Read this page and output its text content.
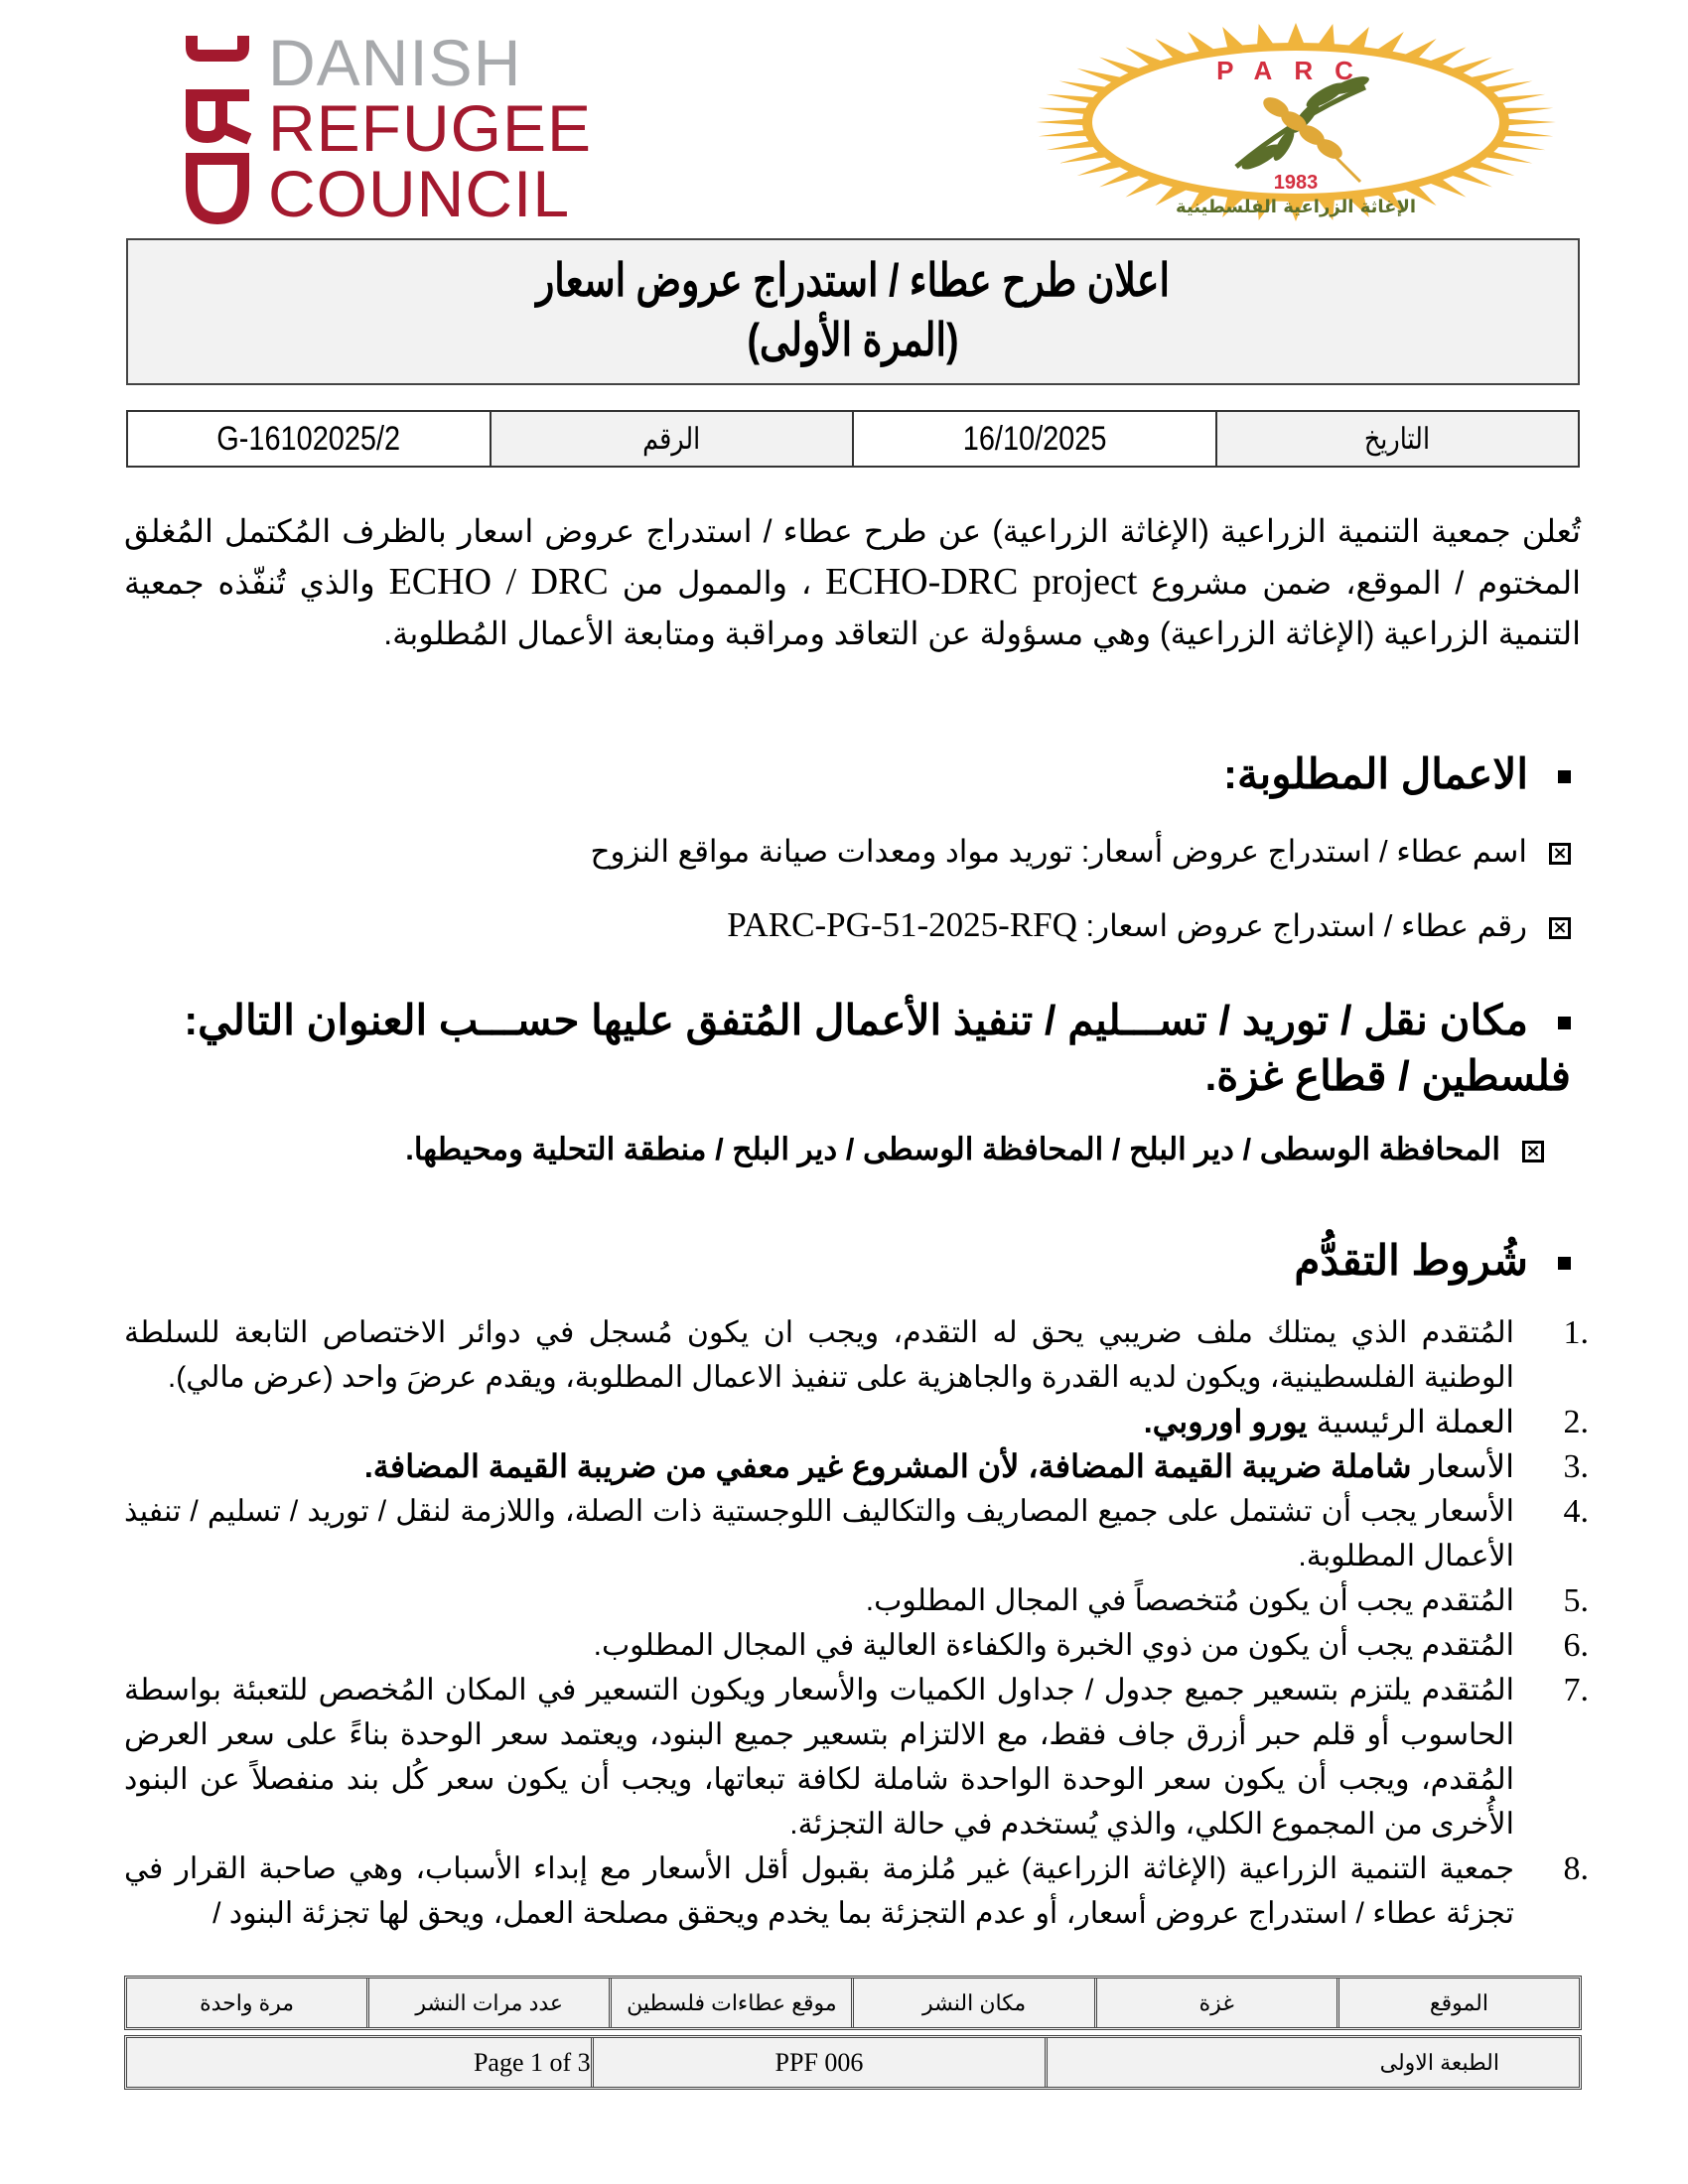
DANISH
REFUGEE
COUNCIL
PARC
1983
الإغاثة الزراعية الفلسطينية
اعلان طرح عطاء / استدراج عروض اسعار
(المرة الأولى)
التاريخ
16/10/2025
الرقم
G-16102025/2
تُعلن جمعية التنمية الزراعية (الإغاثة الزراعية) عن طرح عطاء / استدراج عروض اسعار بالظرف المُكتمل المُغلق المختوم / الموقع، ضمن مشروع ECHO-DRC project ، والممول من ECHO / DRC والذي تُنفّذه جمعية التنمية الزراعية (الإغاثة الزراعية) وهي مسؤولة عن التعاقد ومراقبة ومتابعة الأعمال المُطلوبة.
الاعمال المطلوبة:
×اسم عطاء / استدراج عروض أسعار: توريد مواد ومعدات صيانة مواقع النزوح
×رقم عطاء / استدراج عروض اسعار: PARC-PG-51-2025-RFQ
مكان نقل / توريد / تســـليم / تنفيذ الأعمال المُتفق عليها حســـب العنوان التالي:
فلسطين / قطاع غزة.
×المحافظة الوسطى / دير البلح / المحافظة الوسطى / دير البلح / منطقة التحلية ومحيطها.
شُروط التقدُّم
1.
المُتقدم الذي يمتلك ملف ضريبي يحق له التقدم، ويجب ان يكون مُسجل في دوائر الاختصاص التابعة للسلطة الوطنية الفلسطينية، ويكون لديه القدرة والجاهزية على تنفيذ الاعمال المطلوبة، ويقدم عرضَ واحد (عرض مالي).
2.
العملة الرئيسية يورو اوروبي.
3.
الأسعار شاملة ضريبة القيمة المضافة، لأن المشروع غير معفي من ضريبة القيمة المضافة.
4.
الأسعار يجب أن تشتمل على جميع المصاريف والتكاليف اللوجستية ذات الصلة، واللازمة لنقل / توريد / تسليم / تنفيذ الأعمال المطلوبة.
5.
المُتقدم يجب أن يكون مُتخصصاً في المجال المطلوب.
6.
المُتقدم يجب أن يكون من ذوي الخبرة والكفاءة العالية في المجال المطلوب.
7.
المُتقدم يلتزم بتسعير جميع جدول / جداول الكميات والأسعار ويكون التسعير في المكان المُخصص للتعبئة بواسطة الحاسوب أو قلم حبر أزرق جاف فقط، مع الالتزام بتسعير جميع البنود، ويعتمد سعر الوحدة بناءً على سعر العرض المُقدم، ويجب أن يكون سعر الوحدة الواحدة شاملة لكافة تبعاتها، ويجب أن يكون سعر كُل بند منفصلاً عن البنود الأُخرى من المجموع الكلي، والذي يُستخدم في حالة التجزئة.
8.
جمعية التنمية الزراعية (الإغاثة الزراعية) غير مُلزمة بقبول أقل الأسعار مع إبداء الأسباب، وهي صاحبة القرار في تجزئة عطاء / استدراج عروض أسعار، أو عدم التجزئة بما يخدم ويحقق مصلحة العمل، ويحق لها تجزئة البنود /
الموقع
غزة
مكان النشر
موقع عطاءات فلسطين
عدد مرات النشر
مرة واحدة
الطبعة الاولى
PPF 006
Page 1 of 3
